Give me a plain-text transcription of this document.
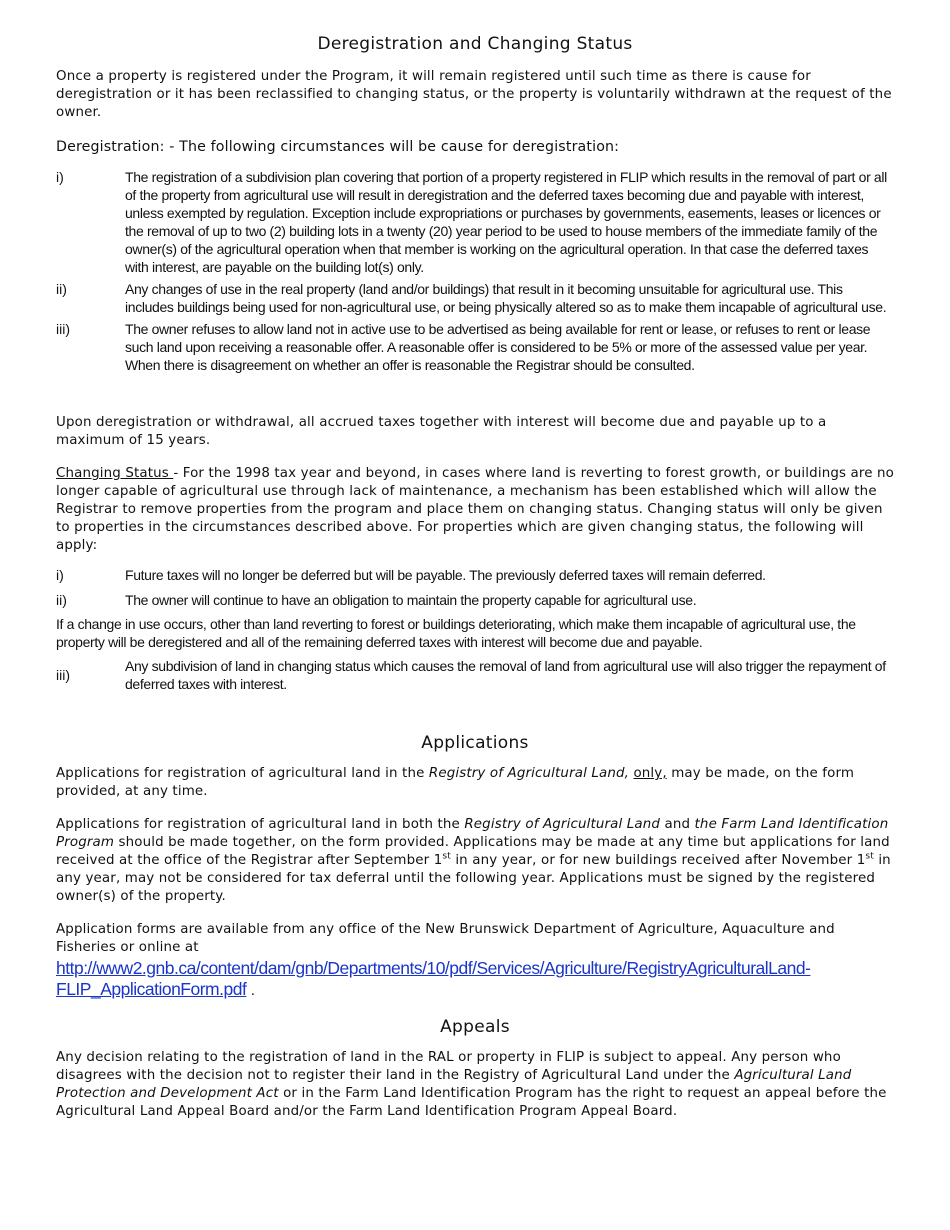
Deregistration and Changing Status

Once a property is registered under the Program, it will remain registered until such time as there is cause for deregistration or it has been reclassified to changing status, or the property is voluntarily withdrawn at the request of the owner.

Deregistration: - The following circumstances will be cause for deregistration:

i)	The registration of a subdivision plan covering that portion of a property registered in FLIP which results in the removal of part or all of the property from agricultural use will result in deregistration and the deferred taxes becoming due and payable with interest, unless exempted by regulation. Exception include expropriations or purchases by governments, easements, leases or licences or the removal of up to two (2) building lots in a twenty (20) year period to be used to house members of the immediate family of the owner(s) of the agricultural operation when that member is working on the agricultural operation. In that case the deferred taxes with interest, are payable on the building lot(s) only.
ii)	Any changes of use in the real property (land and/or buildings) that result in it becoming unsuitable for agricultural use. This includes buildings being used for non-agricultural use, or being physically altered so as to make them incapable of agricultural use.
iii)	The owner refuses to allow land not in active use to be advertised as being available for rent or lease, or refuses to rent or lease such land upon receiving a reasonable offer. A reasonable offer is considered to be 5% or more of the assessed value per year. When there is disagreement on whether an offer is reasonable the Registrar should be consulted.

Upon deregistration or withdrawal, all accrued taxes together with interest will become due and payable up to a maximum of 15 years.

Changing Status - For the 1998 tax year and beyond, in cases where land is reverting to forest growth, or buildings are no longer capable of agricultural use through lack of maintenance, a mechanism has been established which will allow the Registrar to remove properties from the program and place them on changing status. Changing status will only be given to properties in the circumstances described above. For properties which are given changing status, the following will apply:

i)	Future taxes will no longer be deferred but will be payable. The previously deferred taxes will remain deferred.
ii)	The owner will continue to have an obligation to maintain the property capable for agricultural use.

If a change in use occurs, other than land reverting to forest or buildings deteriorating, which make them incapable of agricultural use, the property will be deregistered and all of the remaining deferred taxes with interest will become due and payable.

iii)
Any subdivision of land in changing status which causes the removal of land from agricultural use will also trigger the repayment of deferred taxes with interest.
Applications

Applications for registration of agricultural land in the Registry of Agricultural Land, only, may be made, on the form provided, at any time.

Applications for registration of agricultural land in both the Registry of Agricultural Land and the Farm Land Identification Program should be made together, on the form provided. Applications may be made at any time but applications for land received at the office of the Registrar after September 1st in any year, or for new buildings received after November 1st in any year, may not be considered for tax deferral until the following year. Applications must be signed by the registered owner(s) of the property.

Application forms are available from any office of the New Brunswick Department of Agriculture, Aquaculture and Fisheries or online at

http://www2.gnb.ca/content/dam/gnb/Departments/10/pdf/Services/Agriculture/RegistryAgriculturalLand-
FLIP_ApplicationForm.pdf .
Appeals

Any decision relating to the registration of land in the RAL or property in FLIP is subject to appeal. Any person who disagrees with the decision not to register their land in the Registry of Agricultural Land under the Agricultural Land Protection and Development Act or in the Farm Land Identification Program has the right to request an appeal before the Agricultural Land Appeal Board and/or the Farm Land Identification Program Appeal Board.
